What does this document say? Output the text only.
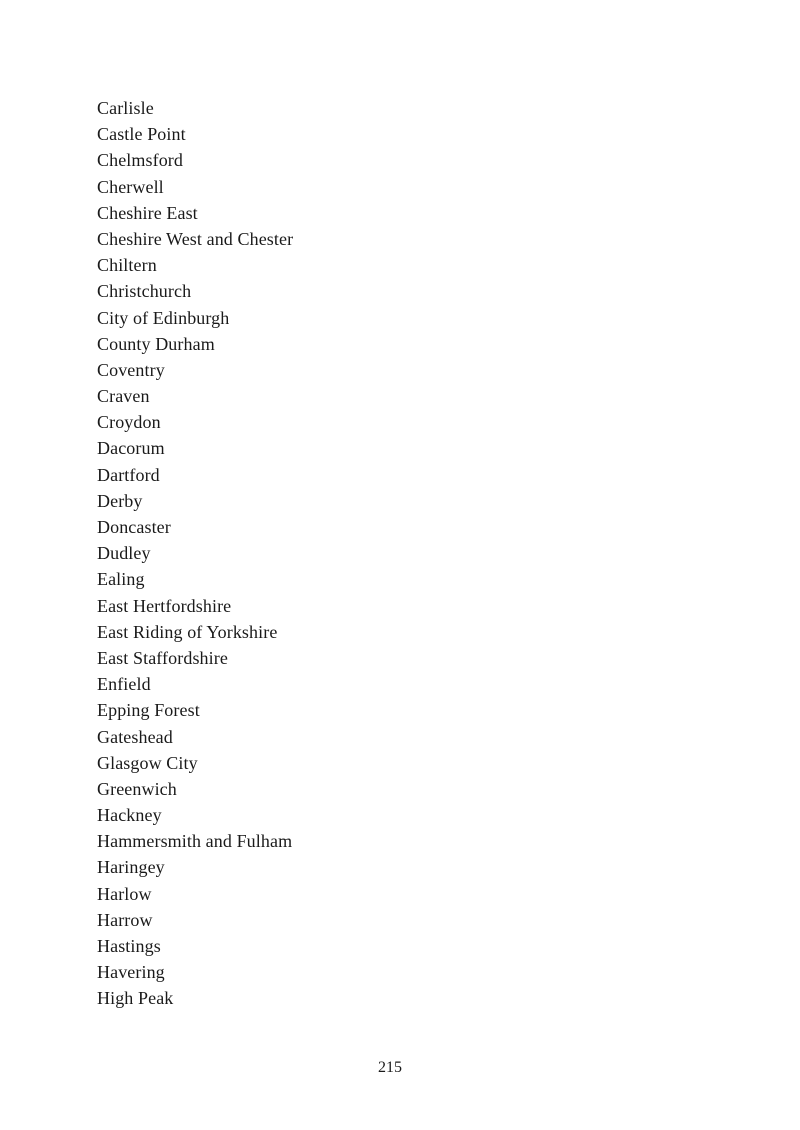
Carlisle
Castle Point
Chelmsford
Cherwell
Cheshire East
Cheshire West and Chester
Chiltern
Christchurch
City of Edinburgh
County Durham
Coventry
Craven
Croydon
Dacorum
Dartford
Derby
Doncaster
Dudley
Ealing
East Hertfordshire
East Riding of Yorkshire
East Staffordshire
Enfield
Epping Forest
Gateshead
Glasgow City
Greenwich
Hackney
Hammersmith and Fulham
Haringey
Harlow
Harrow
Hastings
Havering
High Peak
215
